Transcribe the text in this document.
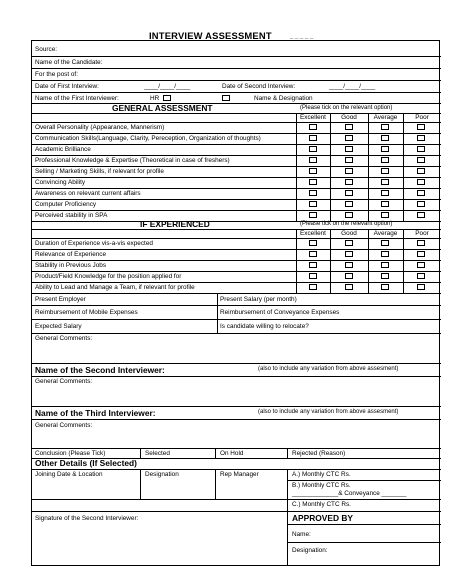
INTERVIEW ASSESSMENT	_ _ _ _ _
Source:
Name of the Candidate:
For the post of:
Date of First Interview:	____/____/____	Date of Second Interview:	____/____/____
Name of the First Interviewer:	HR	Name & Designation
GENERAL ASSESSMENT	(Please tick on the relevant option)
IF EXPERIENCED	(Please tick on the relevant option)
Present Employer	Present Salary (per month)
Reimbursement of Mobile Expenses	Reimbursement of Conveyance Expenses
Expected Salary	Is candidate willing to relocate?
General Comments:
Name of the Second Interviewer:	(also to include any variation from above assesment)
General Comments:
Name of the Third Interviewer:	(also to include any variation from above assesment)
General Comments:
Conclusion (Please Tick)	Selected	On Hold	Rejected (Reason)
Other Details (If Selected)
Joining Date & Location	Designation	Rep Manager	A.) Monthly CTC Rs.
B.) Monthly CTC Rs.
_____________& Conveyance _______
C.) Monthly CTC Rs.
Signature of the Second Interviewer:	APPROVED BY
Name:
Designation:
Excellent	Good	Average	Poor
Overall Personality (Appearance, Mannerism)
Communication Skills(Language, Clarity, Pereception, Organization of thoughts)
Academic Brilliance
Professional Knowledge & Expertise (Theoretical in case of freshers)
Selling / Marketing Skills, if relevant for profile
Convincing Ability
Awareness on relevant current affairs
Computer Proficiency
Perceived stability in SPA
Excellent	Good	Average	Poor
Duration of Experience vis-a-vis expected
Relevance of Experience
Stability in Previous Jobs
Product/Field Knowledge for the position applied for
Ability to Lead and Manage a Team, if relevant for profile
